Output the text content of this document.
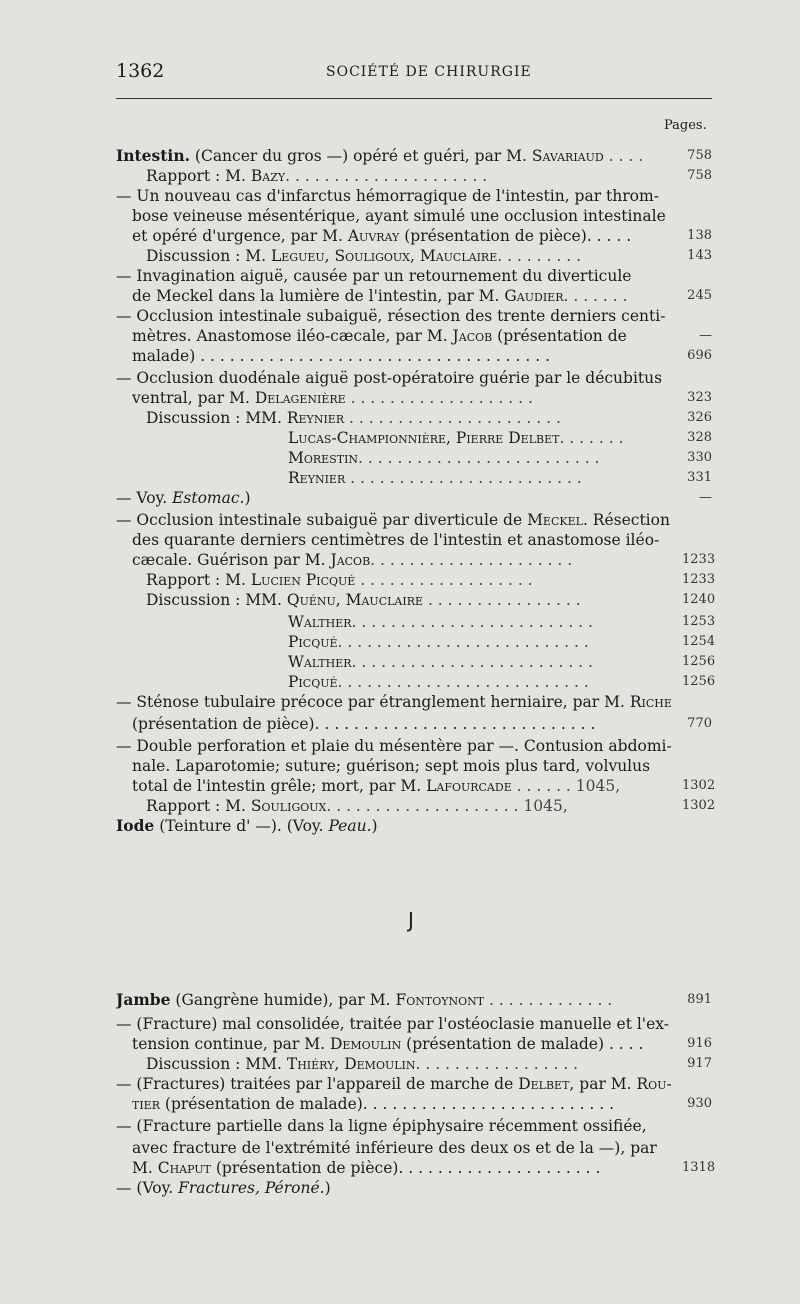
1362	SOCIÉTÉ DE CHIRURGIE
Pages.
Intestin. (Cancer du gros —) opéré et guéri, par M. Savariaud . . . .	758
Rapport : M. Bazy. . . . . . . . . . . . . . . . . . . . .	758
— Un nouveau cas d'infarctus hémorragique de l'intestin, par throm-
bose veineuse mésentérique, ayant simulé une occlusion intestinale
et opéré d'urgence, par M. Auvray (présentation de pièce). . . . .	138
Discussion : M. Legueu, Souligoux, Mauclaire. . . . . . . . .	143
— Invagination aiguë, causée par un retournement du diverticule
de Meckel dans la lumière de l'intestin, par M. Gaudier. . . . . . .	245
— Occlusion intestinale subaiguë, résection des trente derniers centi-
mètres. Anastomose iléo-cæcale, par M. Jacob (présentation de	—
malade) . . . . . . . . . . . . . . . . . . . . . . . . . . . . . . . . . . . .	696
— Occlusion duodénale aiguë post-opératoire guérie par le décubitus
ventral, par M. Delagenière . . . . . . . . . . . . . . . . . . .	323
Discussion : MM. Reynier . . . . . . . . . . . . . . . . . . . . . .	326
Lucas-Championnière, Pierre Delbet. . . . . . .	328
Morestin. . . . . . . . . . . . . . . . . . . . . . . . .	330
Reynier . . . . . . . . . . . . . . . . . . . . . . . .	331
— Voy. Estomac.)	—
— Occlusion intestinale subaiguë par diverticule de Meckel. Résection
des quarante derniers centimètres de l'intestin et anastomose iléo-
cæcale. Guérison par M. Jacob. . . . . . . . . . . . . . . . . . . . .	1233
Rapport : M. Lucien Picqué . . . . . . . . . . . . . . . . . .	1233
Discussion : MM. Quénu, Mauclaire . . . . . . . . . . . . . . . .	1240
Walther. . . . . . . . . . . . . . . . . . . . . . . . .	1253
Picqué. . . . . . . . . . . . . . . . . . . . . . . . . .	1254
Walther. . . . . . . . . . . . . . . . . . . . . . . . .	1256
Picqué. . . . . . . . . . . . . . . . . . . . . . . . . .	1256
— Sténose tubulaire précoce par étranglement herniaire, par M. Riche
(présentation de pièce). . . . . . . . . . . . . . . . . . . . . . . . . . . . .	770
— Double perforation et plaie du mésentère par —. Contusion abdomi-
nale. Laparotomie; suture; guérison; sept mois plus tard, volvulus
total de l'intestin grêle; mort, par M. Lafourcade . . . . . . 1045,	1302
Rapport : M. Souligoux. . . . . . . . . . . . . . . . . . . . 1045,	1302
Iode (Teinture d' —). (Voy. Peau.)
J
Jambe (Gangrène humide), par M. Fontoynont . . . . . . . . . . . . .	891
— (Fracture) mal consolidée, traitée par l'ostéoclasie manuelle et l'ex-
tension continue, par M. Demoulin (présentation de malade) . . . .	916
Discussion : MM. Thiéry, Demoulin. . . . . . . . . . . . . . . . .	917
— (Fractures) traitées par l'appareil de marche de Delbet, par M. Rou-
tier (présentation de malade). . . . . . . . . . . . . . . . . . . . . . . . . .	930
— (Fracture partielle dans la ligne épiphysaire récemment ossifiée,
avec fracture de l'extrémité inférieure des deux os et de la —), par
M. Chaput (présentation de pièce). . . . . . . . . . . . . . . . . . . . .	1318
— (Voy. Fractures, Péroné.)
